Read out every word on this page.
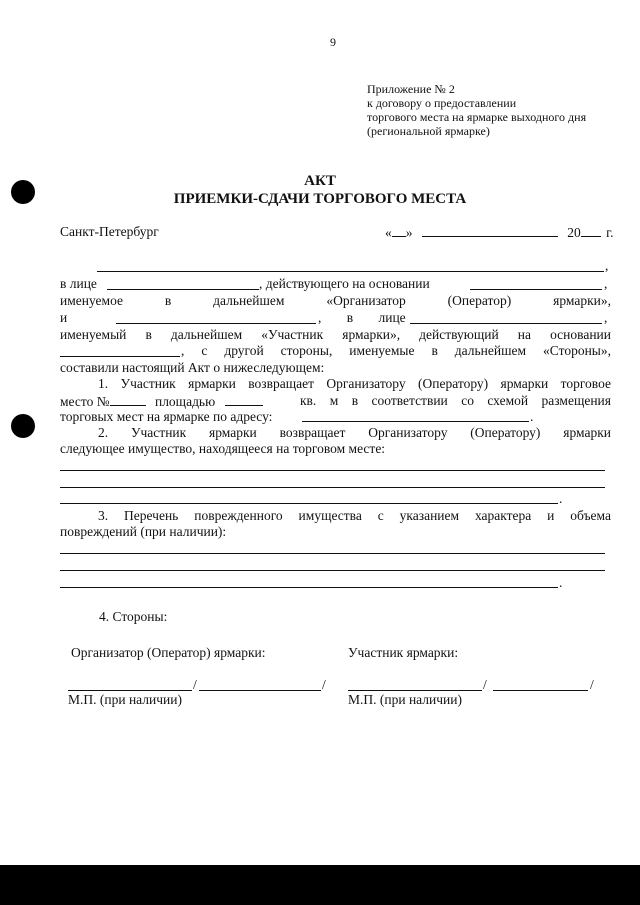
9
Приложение № 2
к договору о предоставлении
торгового места на ярмарке выходного дня
(региональной ярмарке)
АКТ
ПРИЕМКИ-СДАЧИ ТОРГОВОГО МЕСТА
Санкт-Петербург	« »	20 г.
,
в лице	, действующего на основании	,
именуемое в дальнейшем «Организатор (Оператор) ярмарки»,
и	, в лице	,
именуемый в дальнейшем «Участник ярмарки», действующий на основании
, с другой стороны, именуемые в дальнейшем «Стороны»,
составили настоящий Акт о нижеследующем:
1. Участник ярмарки возвращает Организатору (Оператору) ярмарки торговое
место №	площадью	кв. м в соответствии со схемой размещения
торговых мест на ярмарке по адресу:	.
2. Участник ярмарки возвращает Организатору (Оператору) ярмарки
следующее имущество, находящееся на торговом месте:
.
3. Перечень поврежденного имущества с указанием характера и объема
повреждений (при наличии):
.
4. Стороны:
Организатор (Оператор) ярмарки:	Участник ярмарки:
/	/	/	/
М.П. (при наличии)	М.П. (при наличии)
